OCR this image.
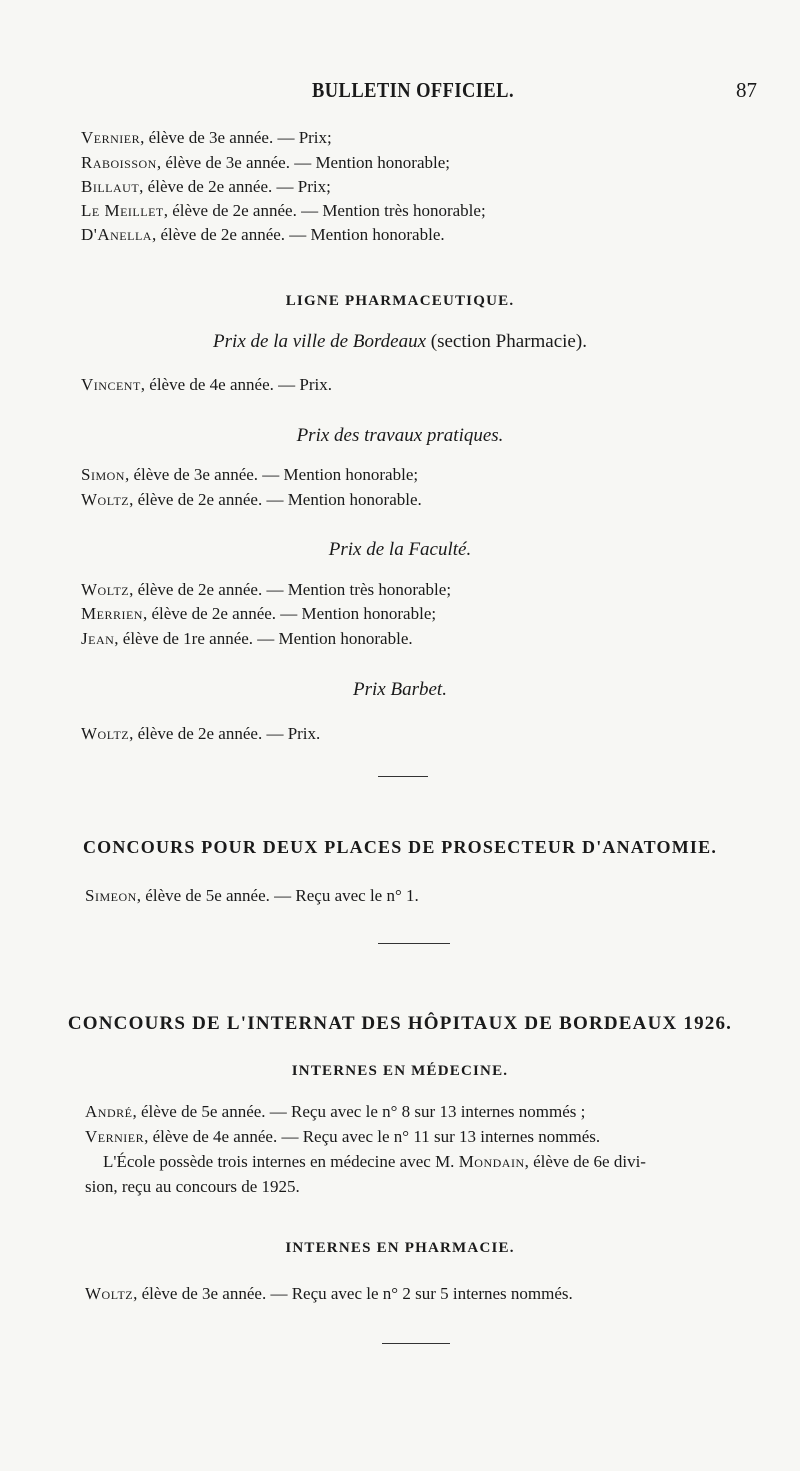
BULLETIN OFFICIEL.	87
Vernier, élève de 3e année. — Prix;
Raboisson, élève de 3e année. — Mention honorable;
Billaut, élève de 2e année. — Prix;
Le Meillet, élève de 2e année. — Mention très honorable;
D'Anella, élève de 2e année. — Mention honorable.
LIGNE PHARMACEUTIQUE.
Prix de la ville de Bordeaux (section Pharmacie).
Vincent, élève de 4e année. — Prix.
Prix des travaux pratiques.
Simon, élève de 3e année. — Mention honorable;
Woltz, élève de 2e année. — Mention honorable.
Prix de la Faculté.
Woltz, élève de 2e année. — Mention très honorable;
Merrien, élève de 2e année. — Mention honorable;
Jean, élève de 1re année. — Mention honorable.
Prix Barbet.
Woltz, élève de 2e année. — Prix.
CONCOURS POUR DEUX PLACES DE PROSECTEUR D'ANATOMIE.
Simeon, élève de 5e année. — Reçu avec le n° 1.
CONCOURS DE L'INTERNAT DES HÔPITAUX DE BORDEAUX 1926.
INTERNES EN MÉDECINE.
André, élève de 5e année. — Reçu avec le n° 8 sur 13 internes nommés ;
Vernier, élève de 4e année. — Reçu avec le n° 11 sur 13 internes nommés.
L'École possède trois internes en médecine avec M. Mondain, élève de 6e divi-
sion, reçu au concours de 1925.
INTERNES EN PHARMACIE.
Woltz, élève de 3e année. — Reçu avec le n° 2 sur 5 internes nommés.
